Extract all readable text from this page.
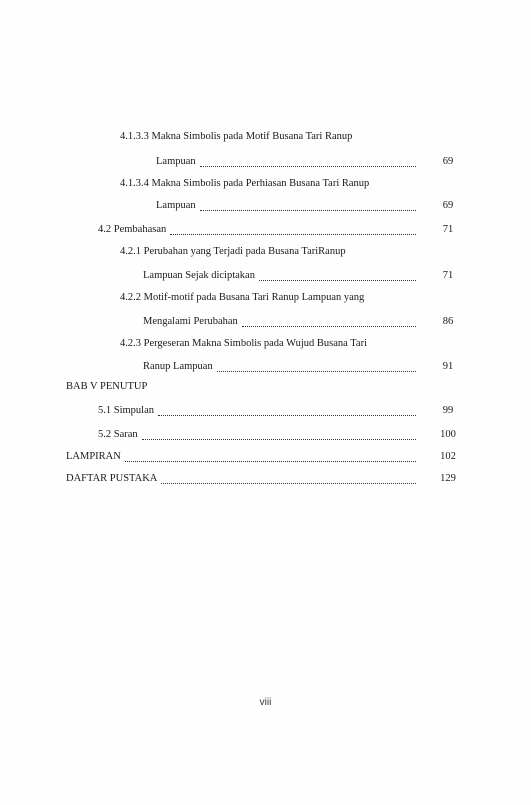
4.1.3.3 Makna Simbolis pada Motif Busana Tari Ranup
Lampuan	69
4.1.3.4 Makna Simbolis pada Perhiasan Busana Tari Ranup
Lampuan	69
4.2 Pembahasan	71
4.2.1 Perubahan yang Terjadi pada Busana TariRanup
Lampuan Sejak diciptakan	71
4.2.2 Motif-motif pada Busana Tari Ranup Lampuan yang
Mengalami Perubahan	86
4.2.3 Pergeseran Makna Simbolis pada Wujud Busana Tari
Ranup Lampuan	91
BAB V PENUTUP
5.1 Simpulan	99
5.2 Saran	100
LAMPIRAN	102
DAFTAR PUSTAKA	129
viii
